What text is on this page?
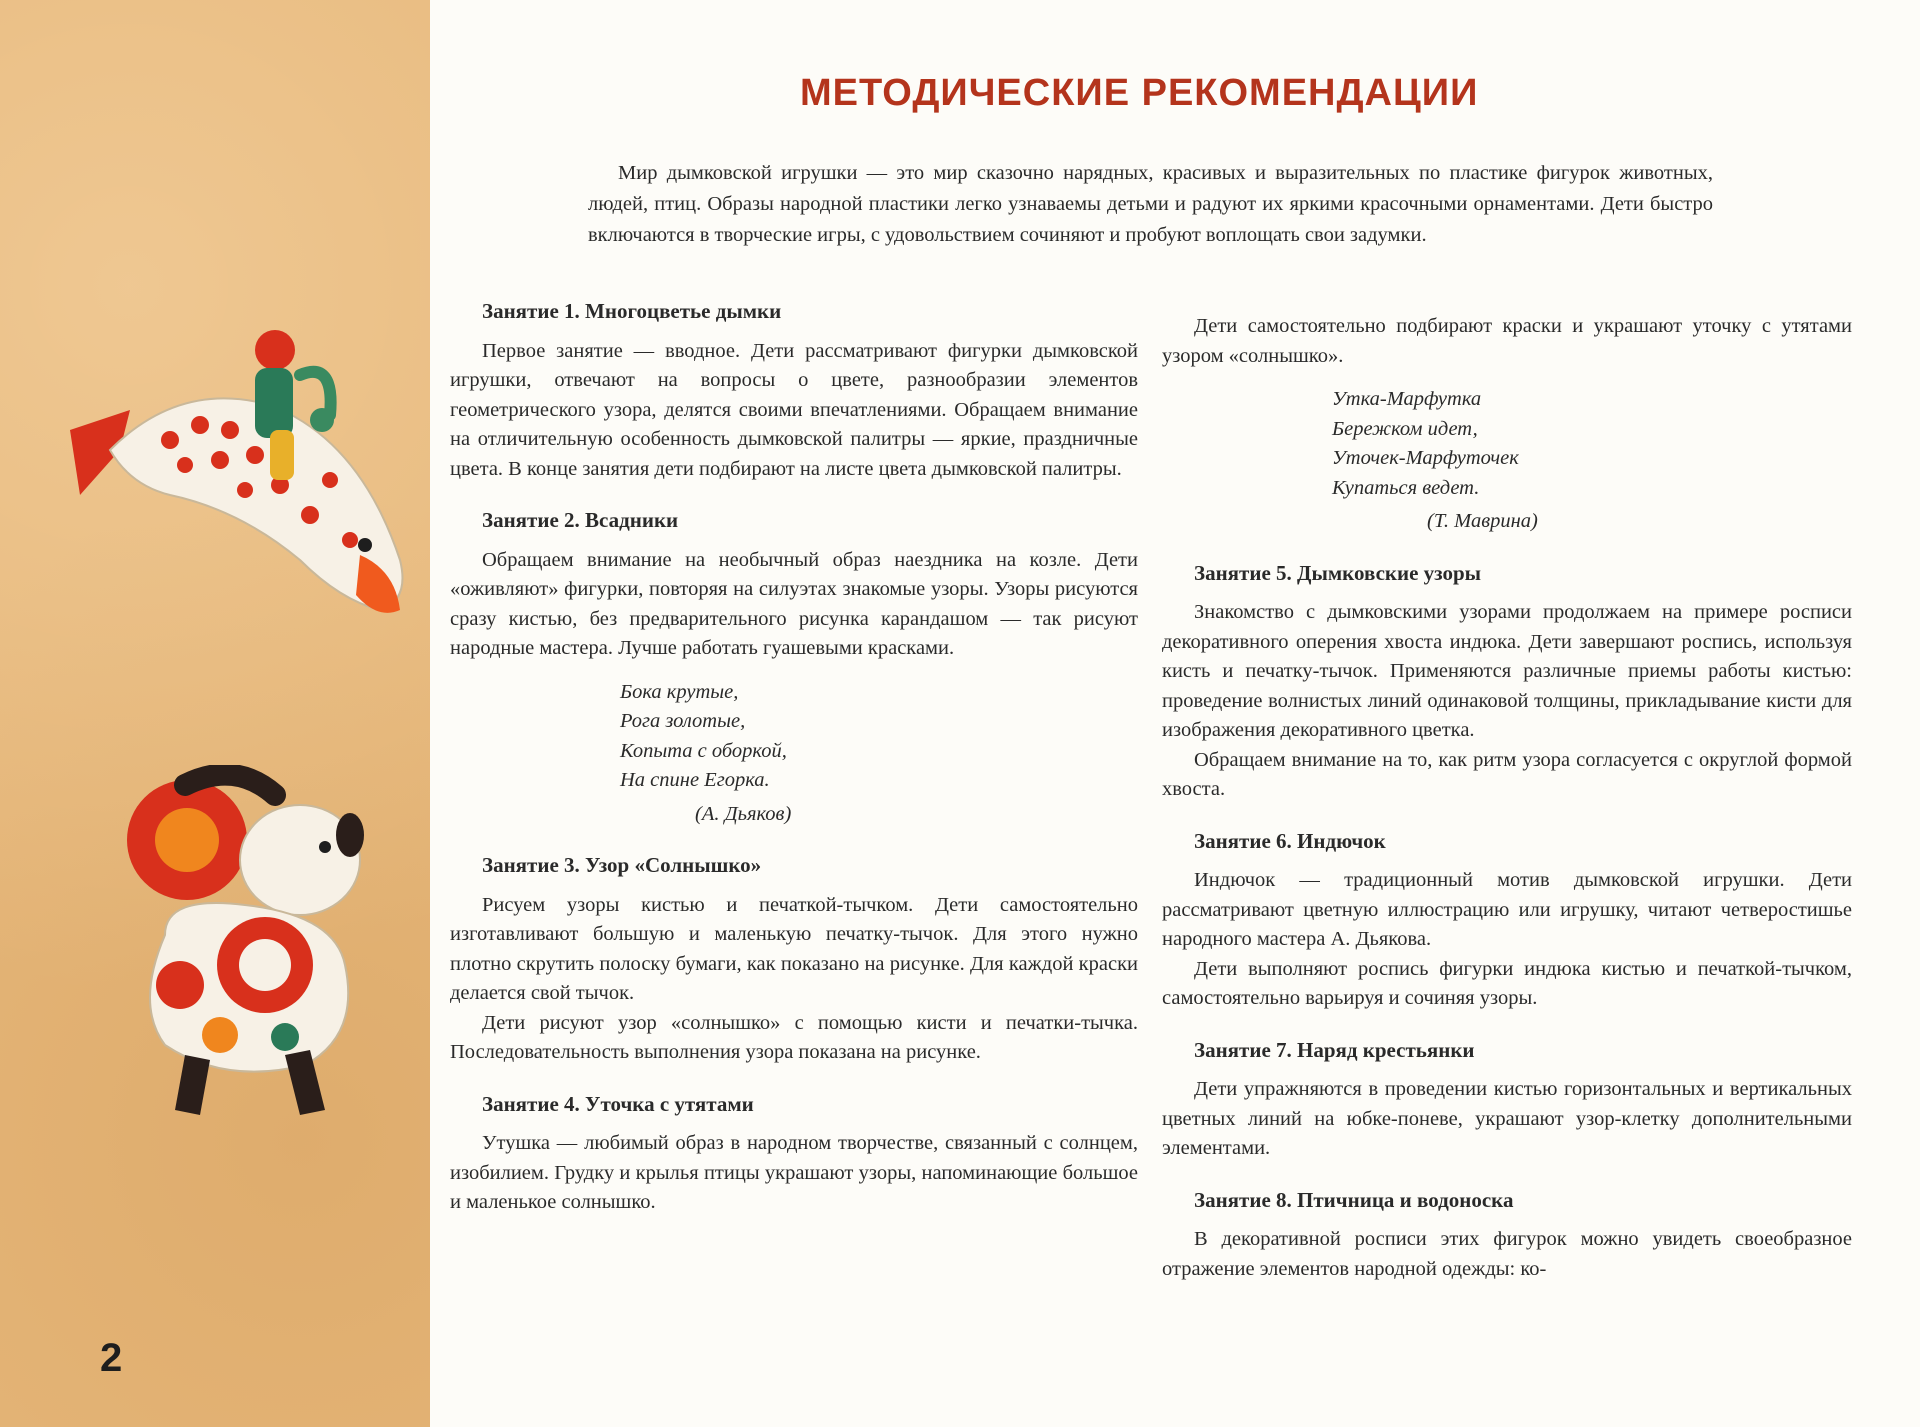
2
МЕТОДИЧЕСКИЕ РЕКОМЕНДАЦИИ

Мир дымковской игрушки — это мир сказочно нарядных, красивых и выразительных по пластике фигурок животных, людей, птиц. Образы народной пластики легко узнаваемы детьми и радуют их яркими красочными орнаментами. Дети быстро включаются в творческие игры, с удовольствием сочиняют и пробуют воплощать свои задумки.

Занятие 1. Многоцветье дымки

Первое занятие — вводное. Дети рассматривают фигурки дымковской игрушки, отвечают на вопросы о цвете, разнообразии элементов геометрического узора, делятся своими впечатлениями. Обращаем внимание на отличительную особенность дымковской палитры — яркие, праздничные цвета. В конце занятия дети подбирают на листе цвета дымковской палитры.

Занятие 2. Всадники

Обращаем внимание на необычный образ наездника на козле. Дети «оживляют» фигурки, повторяя на силуэтах знакомые узоры. Узоры рисуются сразу кистью, без предварительного рисунка карандашом — так рисуют народные мастера. Лучше работать гуашевыми красками.

Бока крутые,
Рога золотые,
Копыта с оборкой,
На спине Егорка.
(А. Дьяков)
Занятие 3. Узор «Солнышко»

Рисуем узоры кистью и печаткой-тычком. Дети самостоятельно изготавливают большую и маленькую печатку-тычок. Для этого нужно плотно скрутить полоску бумаги, как показано на рисунке. Для каждой краски делается свой тычок.

Дети рисуют узор «солнышко» с помощью кисти и печатки-тычка. Последовательность выполнения узора показана на рисунке.

Занятие 4. Уточка с утятами

Утушка — любимый образ в народном творчестве, связанный с солнцем, изобилием. Грудку и крылья птицы украшают узоры, напоминающие большое и маленькое солнышко.

Дети самостоятельно подбирают краски и украшают уточку с утятами узором «солнышко».

Утка-Марфутка
Бережком идет,
Уточек-Марфуточек
Купаться ведет.
(Т. Маврина)
Занятие 5. Дымковские узоры

Знакомство с дымковскими узорами продолжаем на примере росписи декоративного оперения хвоста индюка. Дети завершают роспись, используя кисть и печатку-тычок. Применяются различные приемы работы кистью: проведение волнистых линий одинаковой толщины, прикладывание кисти для изображения декоративного цветка.

Обращаем внимание на то, как ритм узора согласуется с округлой формой хвоста.

Занятие 6. Индючок

Индючок — традиционный мотив дымковской игрушки. Дети рассматривают цветную иллюстрацию или игрушку, читают четверостишье народного мастера А. Дьякова.

Дети выполняют роспись фигурки индюка кистью и печаткой-тычком, самостоятельно варьируя и сочиняя узоры.

Занятие 7. Наряд крестьянки

Дети упражняются в проведении кистью горизонтальных и вертикальных цветных линий на юбке-поневе, украшают узор-клетку дополнительными элементами.

Занятие 8. Птичница и водоноска

В декоративной росписи этих фигурок можно увидеть своеобразное отражение элементов народной одежды: ко-
